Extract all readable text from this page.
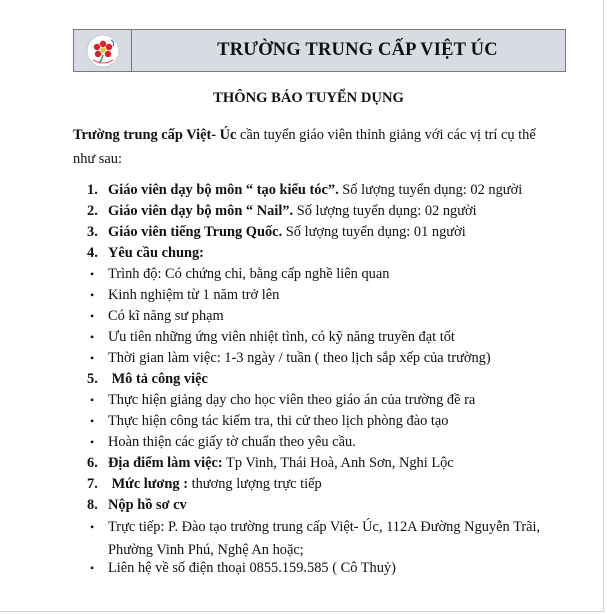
TRƯỜNG TRUNG CẤP VIỆT ÚC
THÔNG BÁO TUYỂN DỤNG
Trường trung cấp Việt- Úc cần tuyển giáo viên thỉnh giảng với các vị trí cụ thể như sau:
1. Giáo viên dạy bộ môn “ tạo kiểu tóc”. Số lượng tuyển dụng: 02 người
2. Giáo viên dạy bộ môn “ Nail”. Số lượng tuyển dụng: 02 người
3. Giáo viên tiếng Trung Quốc. Số lượng tuyển dụng: 01 người
4. Yêu cầu chung:
• Trình độ: Có chứng chỉ, bằng cấp nghề liên quan
• Kinh nghiệm từ 1 năm trở lên
• Có kĩ năng sư phạm
• Ưu tiên những ứng viên nhiệt tình, có kỹ năng truyền đạt tốt
• Thời gian làm việc: 1-3 ngày / tuần ( theo lịch sắp xếp của trường)
5. Mô tả công việc
• Thực hiện giảng dạy cho học viên theo giáo án của trường đề ra
• Thực hiện công tác kiểm tra, thi cử theo lịch phòng đào tạo
• Hoàn thiện các giấy tờ chuẩn theo yêu cầu.
6. Địa điểm làm việc: Tp Vinh, Thái Hoà, Anh Sơn, Nghi Lộc
7. Mức lương : thương lượng trực tiếp
8. Nộp hồ sơ cv
• Trực tiếp: P. Đào tạo trường trung cấp Việt- Úc, 112A Đường Nguyễn Trãi,
Phường Vinh Phú, Nghệ An hoặc;
• Liên hệ về số điện thoại 0855.159.585 ( Cô Thuỷ)
